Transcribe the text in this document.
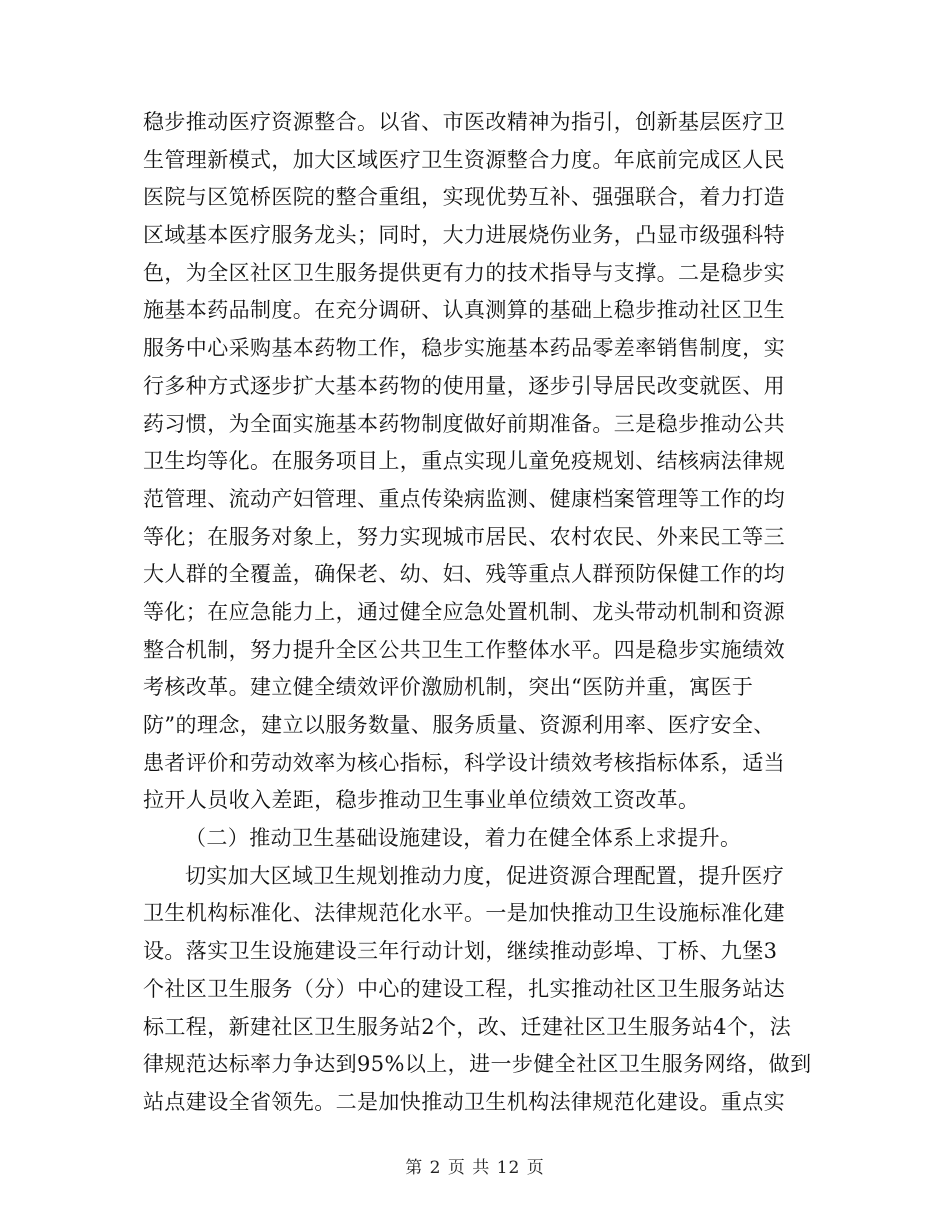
稳步推动医疗资源整合。以省、市医改精神为指引，创新基层医疗卫
生管理新模式，加大区域医疗卫生资源整合力度。年底前完成区人民
医院与区笕桥医院的整合重组，实现优势互补、强强联合，着力打造
区域基本医疗服务龙头；同时，大力进展烧伤业务，凸显市级强科特
色，为全区社区卫生服务提供更有力的技术指导与支撑。二是稳步实
施基本药品制度。在充分调研、认真测算的基础上稳步推动社区卫生
服务中心采购基本药物工作，稳步实施基本药品零差率销售制度，实
行多种方式逐步扩大基本药物的使用量，逐步引导居民改变就医、用
药习惯，为全面实施基本药物制度做好前期准备。三是稳步推动公共
卫生均等化。在服务项目上，重点实现儿童免疫规划、结核病法律规
范管理、流动产妇管理、重点传染病监测、健康档案管理等工作的均
等化；在服务对象上，努力实现城市居民、农村农民、外来民工等三
大人群的全覆盖，确保老、幼、妇、残等重点人群预防保健工作的均
等化；在应急能力上，通过健全应急处置机制、龙头带动机制和资源
整合机制，努力提升全区公共卫生工作整体水平。四是稳步实施绩效
考核改革。建立健全绩效评价激励机制，突出“医防并重，寓医于
防”的理念，建立以服务数量、服务质量、资源利用率、医疗安全、
患者评价和劳动效率为核心指标，科学设计绩效考核指标体系，适当
拉开人员收入差距，稳步推动卫生事业单位绩效工资改革。
（二）推动卫生基础设施建设，着力在健全体系上求提升。
切实加大区域卫生规划推动力度，促进资源合理配置，提升医疗
卫生机构标准化、法律规范化水平。一是加快推动卫生设施标准化建
设。落实卫生设施建设三年行动计划，继续推动彭埠、丁桥、九堡3
个社区卫生服务（分）中心的建设工程，扎实推动社区卫生服务站达
标工程，新建社区卫生服务站2个，改、迁建社区卫生服务站4个，法
律规范达标率力争达到95%以上，进一步健全社区卫生服务网络，做到
站点建设全省领先。二是加快推动卫生机构法律规范化建设。重点实
第 2 页 共 12 页
